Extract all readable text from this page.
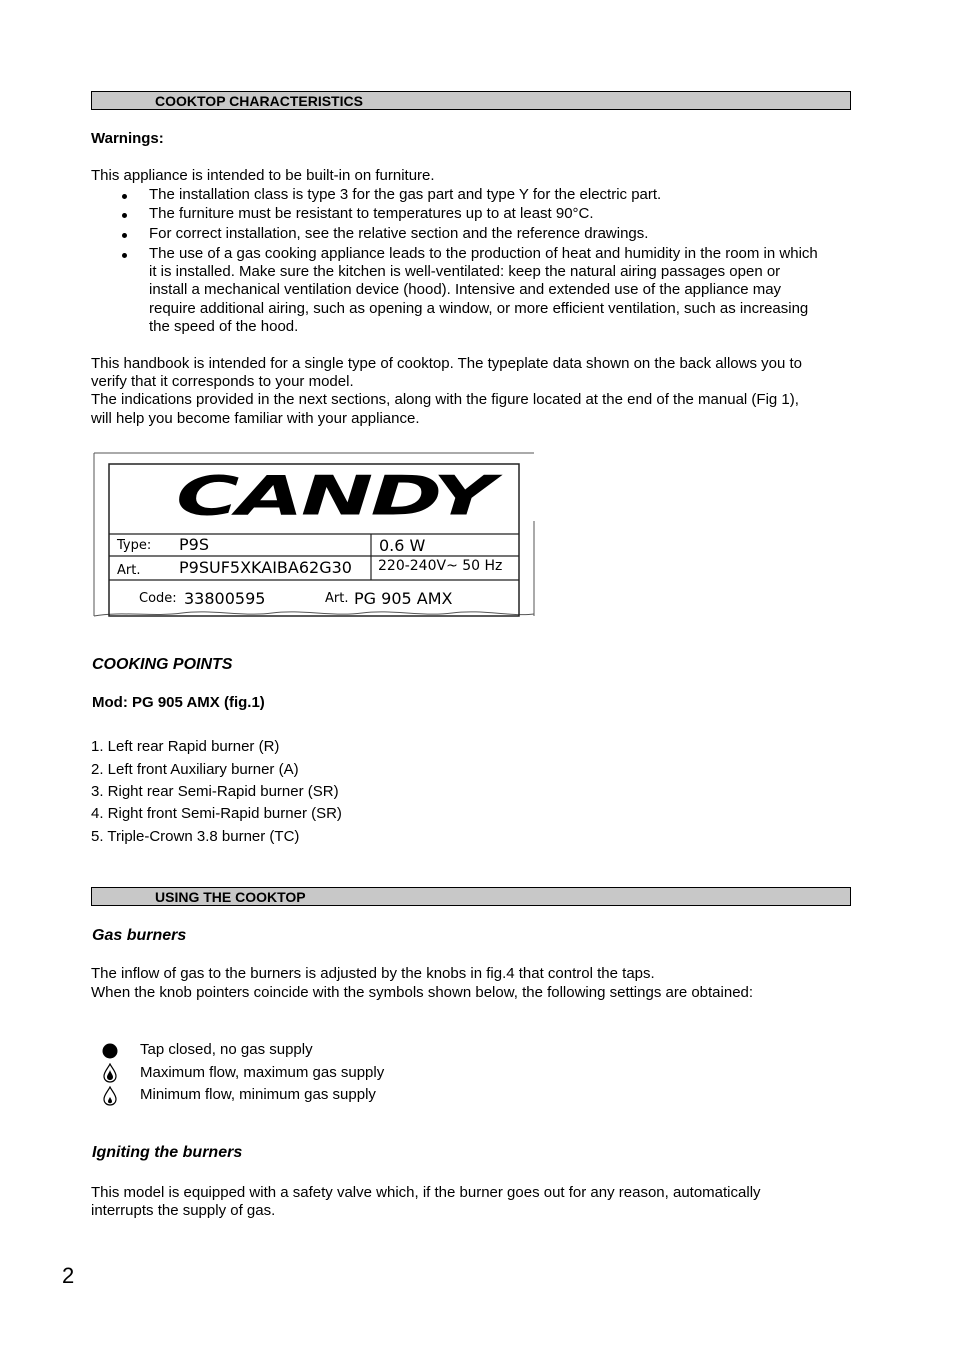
COOKTOP CHARACTERISTICS
Warnings:
This appliance is intended to be built-in on furniture.
The installation class is type 3 for the gas part and type Y for the electric part.
The furniture must be resistant to temperatures up to at least 90°C.
For correct installation, see the relative section and the reference drawings.
The use of a gas cooking appliance leads to the production of heat and humidity in the room in which
it is installed. Make sure the kitchen is well-ventilated: keep the natural airing passages open or
install a mechanical ventilation device (hood). Intensive and extended use of the appliance may
require additional airing, such as opening a window, or more efficient ventilation, such as increasing
the speed of the hood.
This handbook is intended for a single type of cooktop. The typeplate data shown on the back allows you to
verify that it corresponds to your model.
The indications provided in the next sections, along with the figure located at the end of the manual (Fig 1),
will help you become familiar with your appliance.
CANDY
Type: P9S	0.6 W
Art. P9SUF5XKAIBA62G30 220-240V~ 50 Hz
Code: 33800595	Art. PG 905 AMX
COOKING POINTS
Mod: PG 905 AMX (fig.1)
1. Left rear Rapid burner (R)
2. Left front Auxiliary burner (A)
3. Right rear Semi-Rapid burner (SR)
4. Right front Semi-Rapid burner (SR)
5. Triple-Crown 3.8 burner (TC)
USING THE COOKTOP
Gas burners
The inflow of gas to the burners is adjusted by the knobs in fig.4 that control the taps.
When the knob pointers coincide with the symbols shown below, the following settings are obtained:
Tap closed, no gas supply
Maximum flow, maximum gas supply
Minimum flow, minimum gas supply
Igniting the burners
This model is equipped with a safety valve which, if the burner goes out for any reason, automatically
interrupts the supply of gas.
2
